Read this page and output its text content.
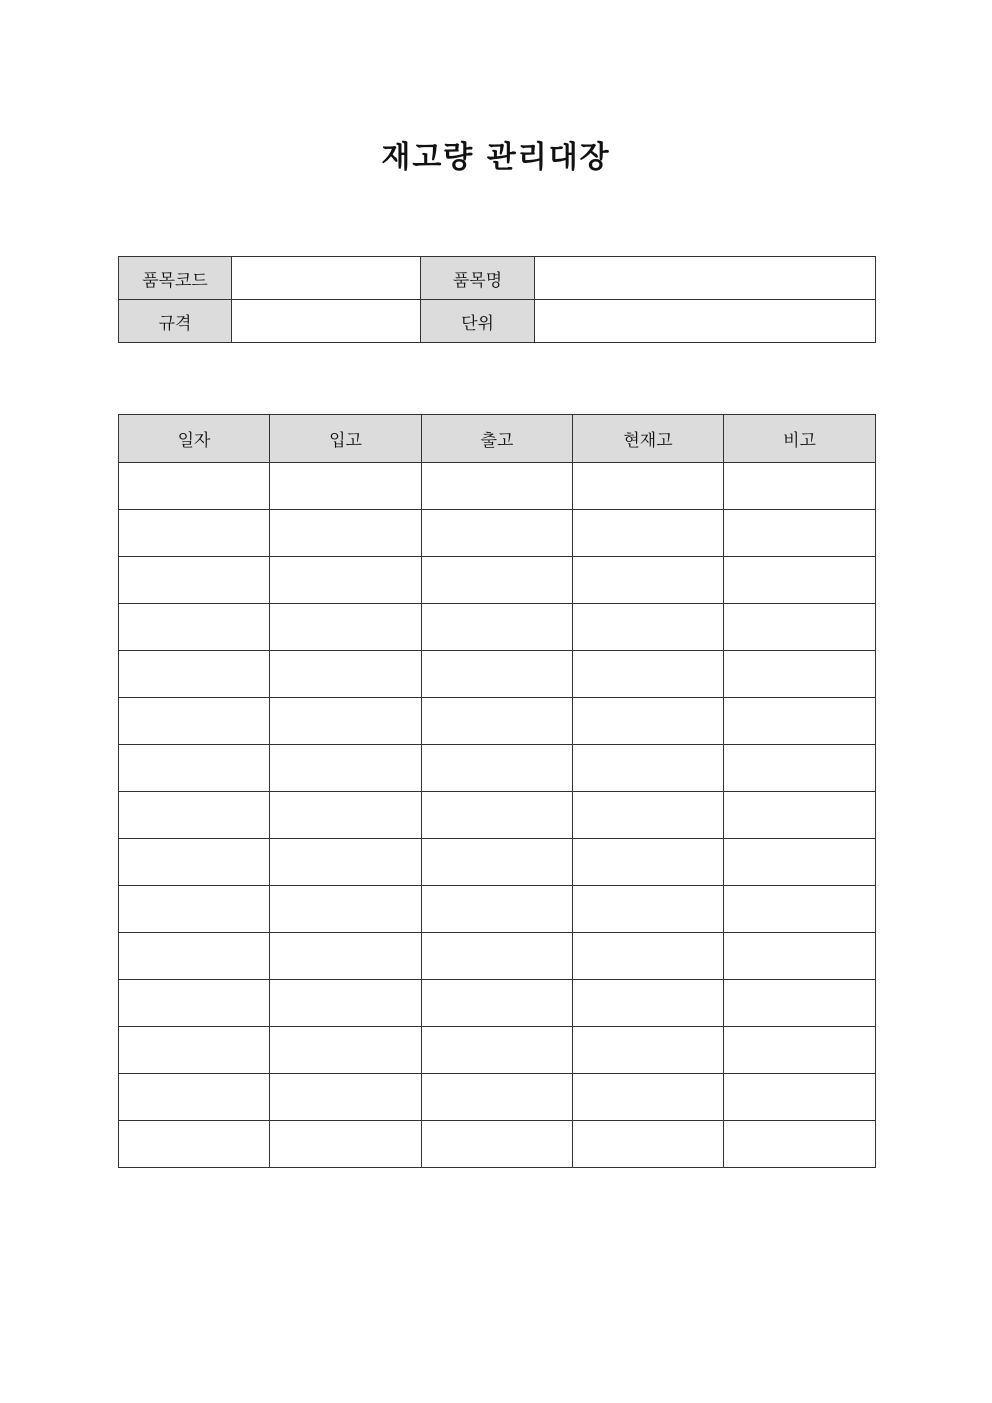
재고량 관리대장
품목코드		품목명	
규격		단위	
일자	입고	출고	현재고	비고
